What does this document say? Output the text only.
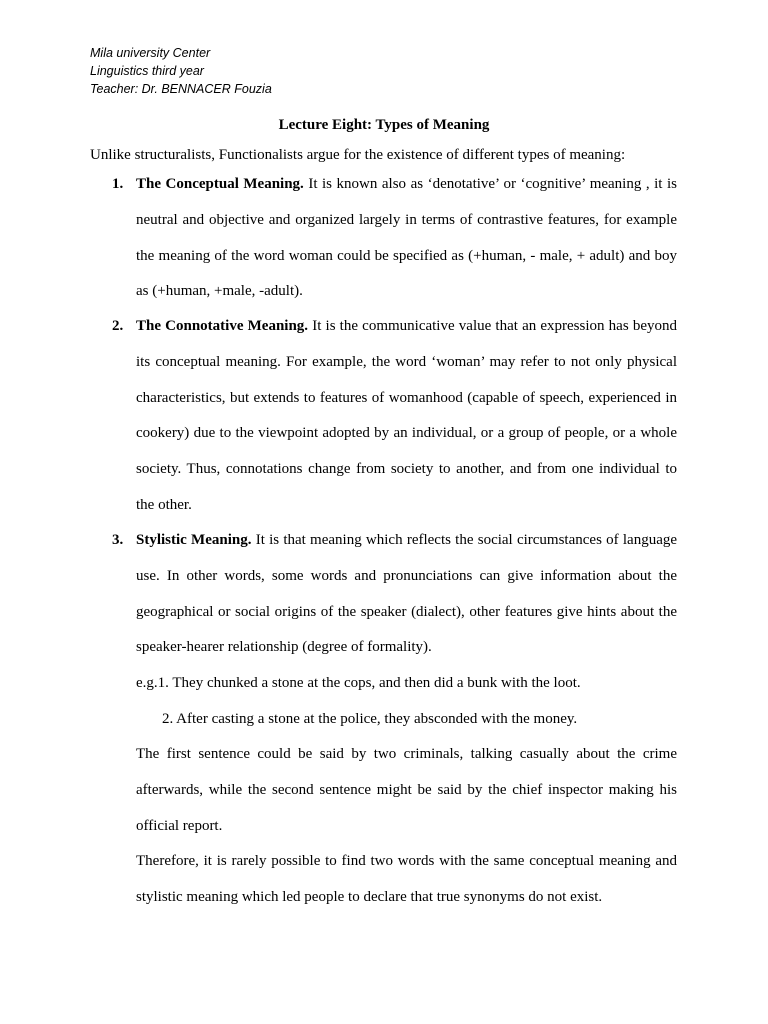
Mila university Center
Linguistics third year
Teacher: Dr. BENNACER Fouzia
Lecture Eight: Types of Meaning
Unlike structuralists, Functionalists argue for the existence of different types of meaning:
1. The Conceptual Meaning. It is known also as ‘denotative’ or ‘cognitive’ meaning , it is neutral and objective and organized largely in terms of contrastive features, for example the meaning of the word woman could be specified as (+human, - male, + adult) and boy as (+human, +male, -adult).
2. The Connotative Meaning. It is the communicative value that an expression has beyond its conceptual meaning. For example, the word ‘woman’ may refer to not only physical characteristics, but extends to features of womanhood (capable of speech, experienced in cookery) due to the viewpoint adopted by an individual, or a group of people, or a whole society. Thus, connotations change from society to another, and from one individual to the other.
3. Stylistic Meaning. It is that meaning which reflects the social circumstances of language use. In other words, some words and pronunciations can give information about the geographical or social origins of the speaker (dialect), other features give hints about the speaker-hearer relationship (degree of formality).
e.g.1. They chunked a stone at the cops, and then did a bunk with the loot.
2. After casting a stone at the police, they absconded with the money.
The first sentence could be said by two criminals, talking casually about the crime afterwards, while the second sentence might be said by the chief inspector making his official report.
Therefore, it is rarely possible to find two words with the same conceptual meaning and stylistic meaning which led people to declare that true synonyms do not exist.
